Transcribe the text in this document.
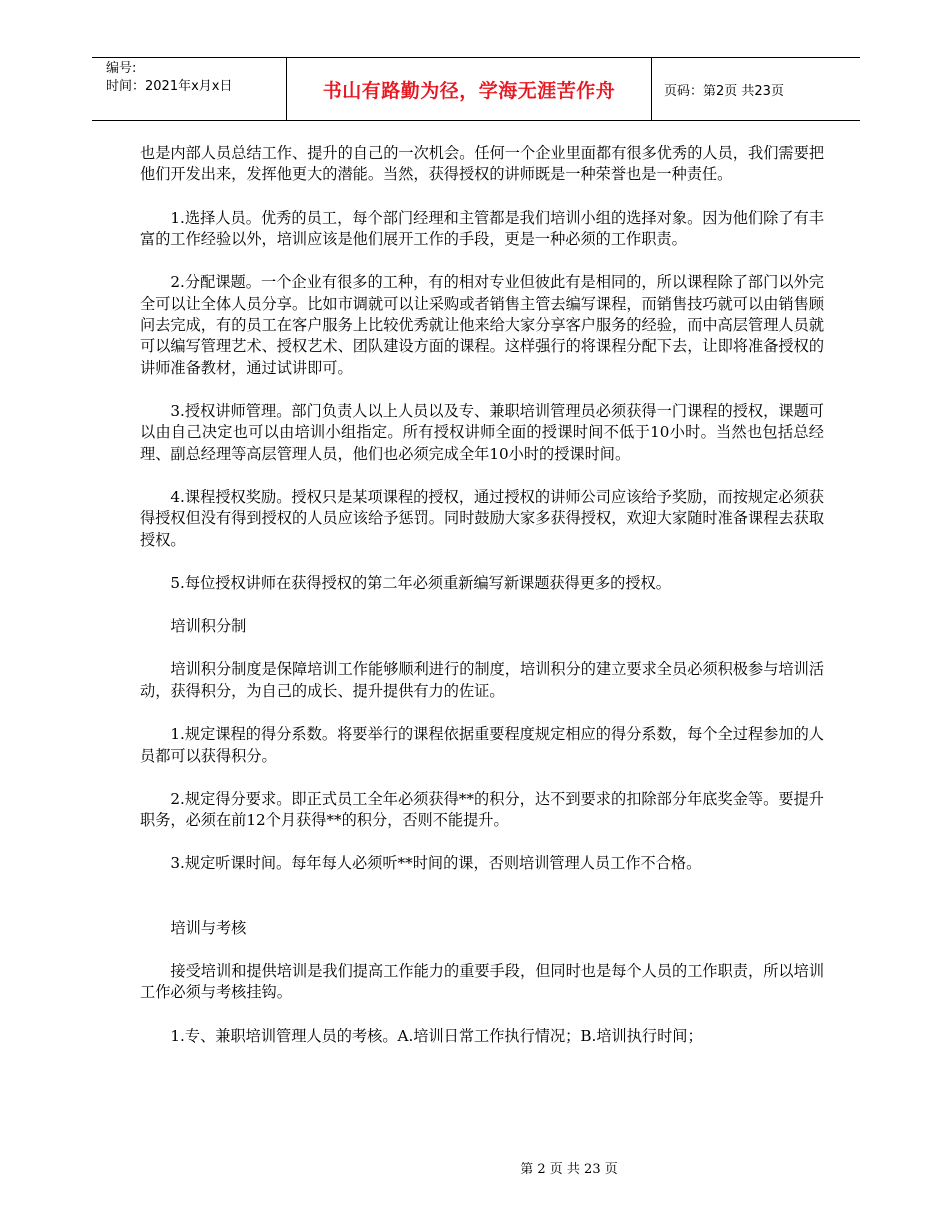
编号:
时间：2021年x月x日	书山有路勤为径，学海无涯苦作舟	页码：第2页 共23页

也是内部人员总结工作、提升的自己的一次机会。任何一个企业里面都有很多优秀的人员，我们需要把他们开发出来，发挥他更大的潜能。当然，获得授权的讲师既是一种荣誉也是一种责任。

1.选择人员。优秀的员工，每个部门经理和主管都是我们培训小组的选择对象。因为他们除了有丰富的工作经验以外，培训应该是他们展开工作的手段，更是一种必须的工作职责。

2.分配课题。一个企业有很多的工种，有的相对专业但彼此有是相同的，所以课程除了部门以外完全可以让全体人员分享。比如市调就可以让采购或者销售主管去编写课程，而销售技巧就可以由销售顾问去完成，有的员工在客户服务上比较优秀就让他来给大家分享客户服务的经验，而中高层管理人员就可以编写管理艺术、授权艺术、团队建设方面的课程。这样强行的将课程分配下去，让即将准备授权的讲师准备教材，通过试讲即可。

3.授权讲师管理。部门负责人以上人员以及专、兼职培训管理员必须获得一门课程的授权，课题可以由自己决定也可以由培训小组指定。所有授权讲师全面的授课时间不低于10小时。当然也包括总经理、副总经理等高层管理人员，他们也必须完成全年10小时的授课时间。

4.课程授权奖励。授权只是某项课程的授权，通过授权的讲师公司应该给予奖励，而按规定必须获得授权但没有得到授权的人员应该给予惩罚。同时鼓励大家多获得授权，欢迎大家随时准备课程去获取授权。

5.每位授权讲师在获得授权的第二年必须重新编写新课题获得更多的授权。

培训积分制

培训积分制度是保障培训工作能够顺利进行的制度，培训积分的建立要求全员必须积极参与培训活动，获得积分，为自己的成长、提升提供有力的佐证。

1.规定课程的得分系数。将要举行的课程依据重要程度规定相应的得分系数，每个全过程参加的人员都可以获得积分。

2.规定得分要求。即正式员工全年必须获得**的积分，达不到要求的扣除部分年底奖金等。要提升职务，必须在前12个月获得**的积分，否则不能提升。

3.规定听课时间。每年每人必须听**时间的课，否则培训管理人员工作不合格。

培训与考核

接受培训和提供培训是我们提高工作能力的重要手段，但同时也是每个人员的工作职责，所以培训工作必须与考核挂钩。

1.专、兼职培训管理人员的考核。A.培训日常工作执行情况；B.培训执行时间；

第 2 页 共 23 页
